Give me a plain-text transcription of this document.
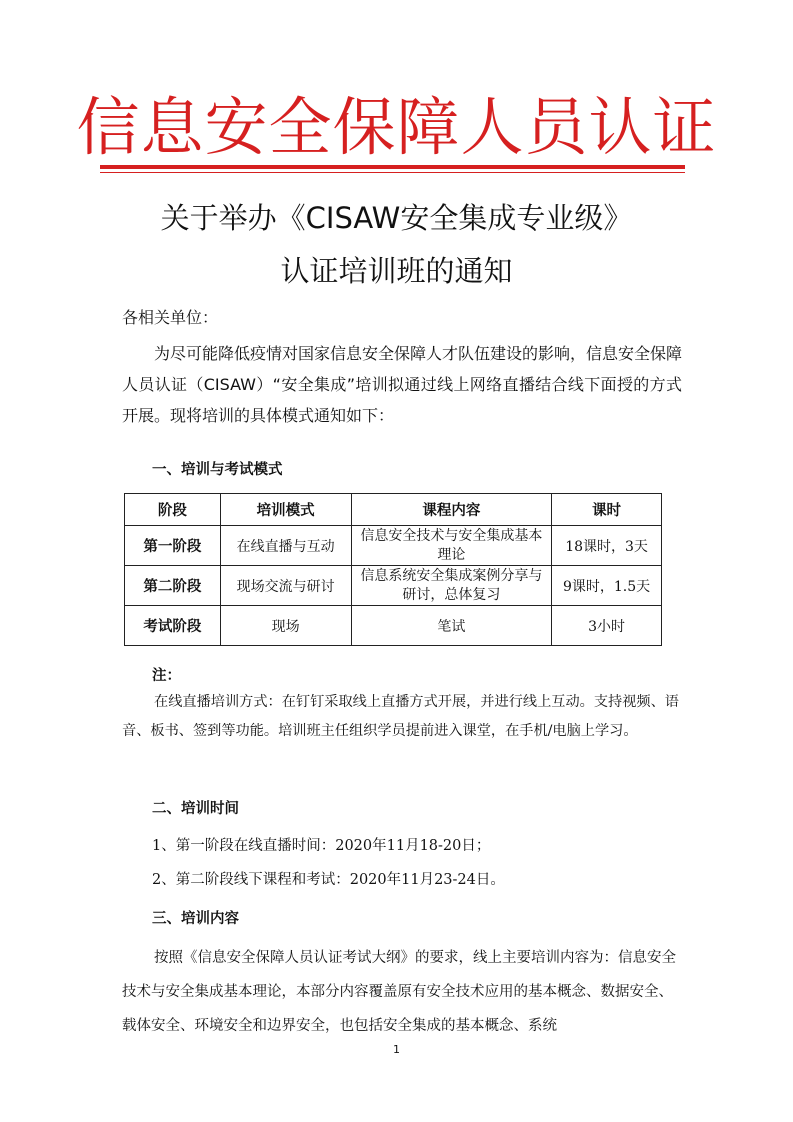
信息安全保障人员认证
关于举办《CISAW安全集成专业级》
认证培训班的通知

各相关单位：

为尽可能降低疫情对国家信息安全保障人才队伍建设的影响，信息安全保障人员认证（CISAW）“安全集成”培训拟通过线上网络直播结合线下面授的方式开展。现将培训的具体模式通知如下：

一、培训与考试模式
阶段	培训模式	课程内容	课时
第一阶段	在线直播与互动	信息安全技术与安全集成基本理论	18课时，3天
第二阶段	现场交流与研讨	信息系统安全集成案例分享与研讨，总体复习	9课时，1.5天
考试阶段	现场	笔试	3小时
注：

在线直播培训方式：在钉钉采取线上直播方式开展，并进行线上互动。支持视频、语音、板书、签到等功能。培训班主任组织学员提前进入课堂，在手机/电脑上学习。

二、培训时间
1、第一阶段在线直播时间：2020年11月18-20日；
2、第二阶段线下课程和考试：2020年11月23-24日。
三、培训内容

按照《信息安全保障人员认证考试大纲》的要求，线上主要培训内容为：信息安全技术与安全集成基本理论，本部分内容覆盖原有安全技术应用的基本概念、数据安全、载体安全、环境安全和边界安全，也包括安全集成的基本概念、系统

1
